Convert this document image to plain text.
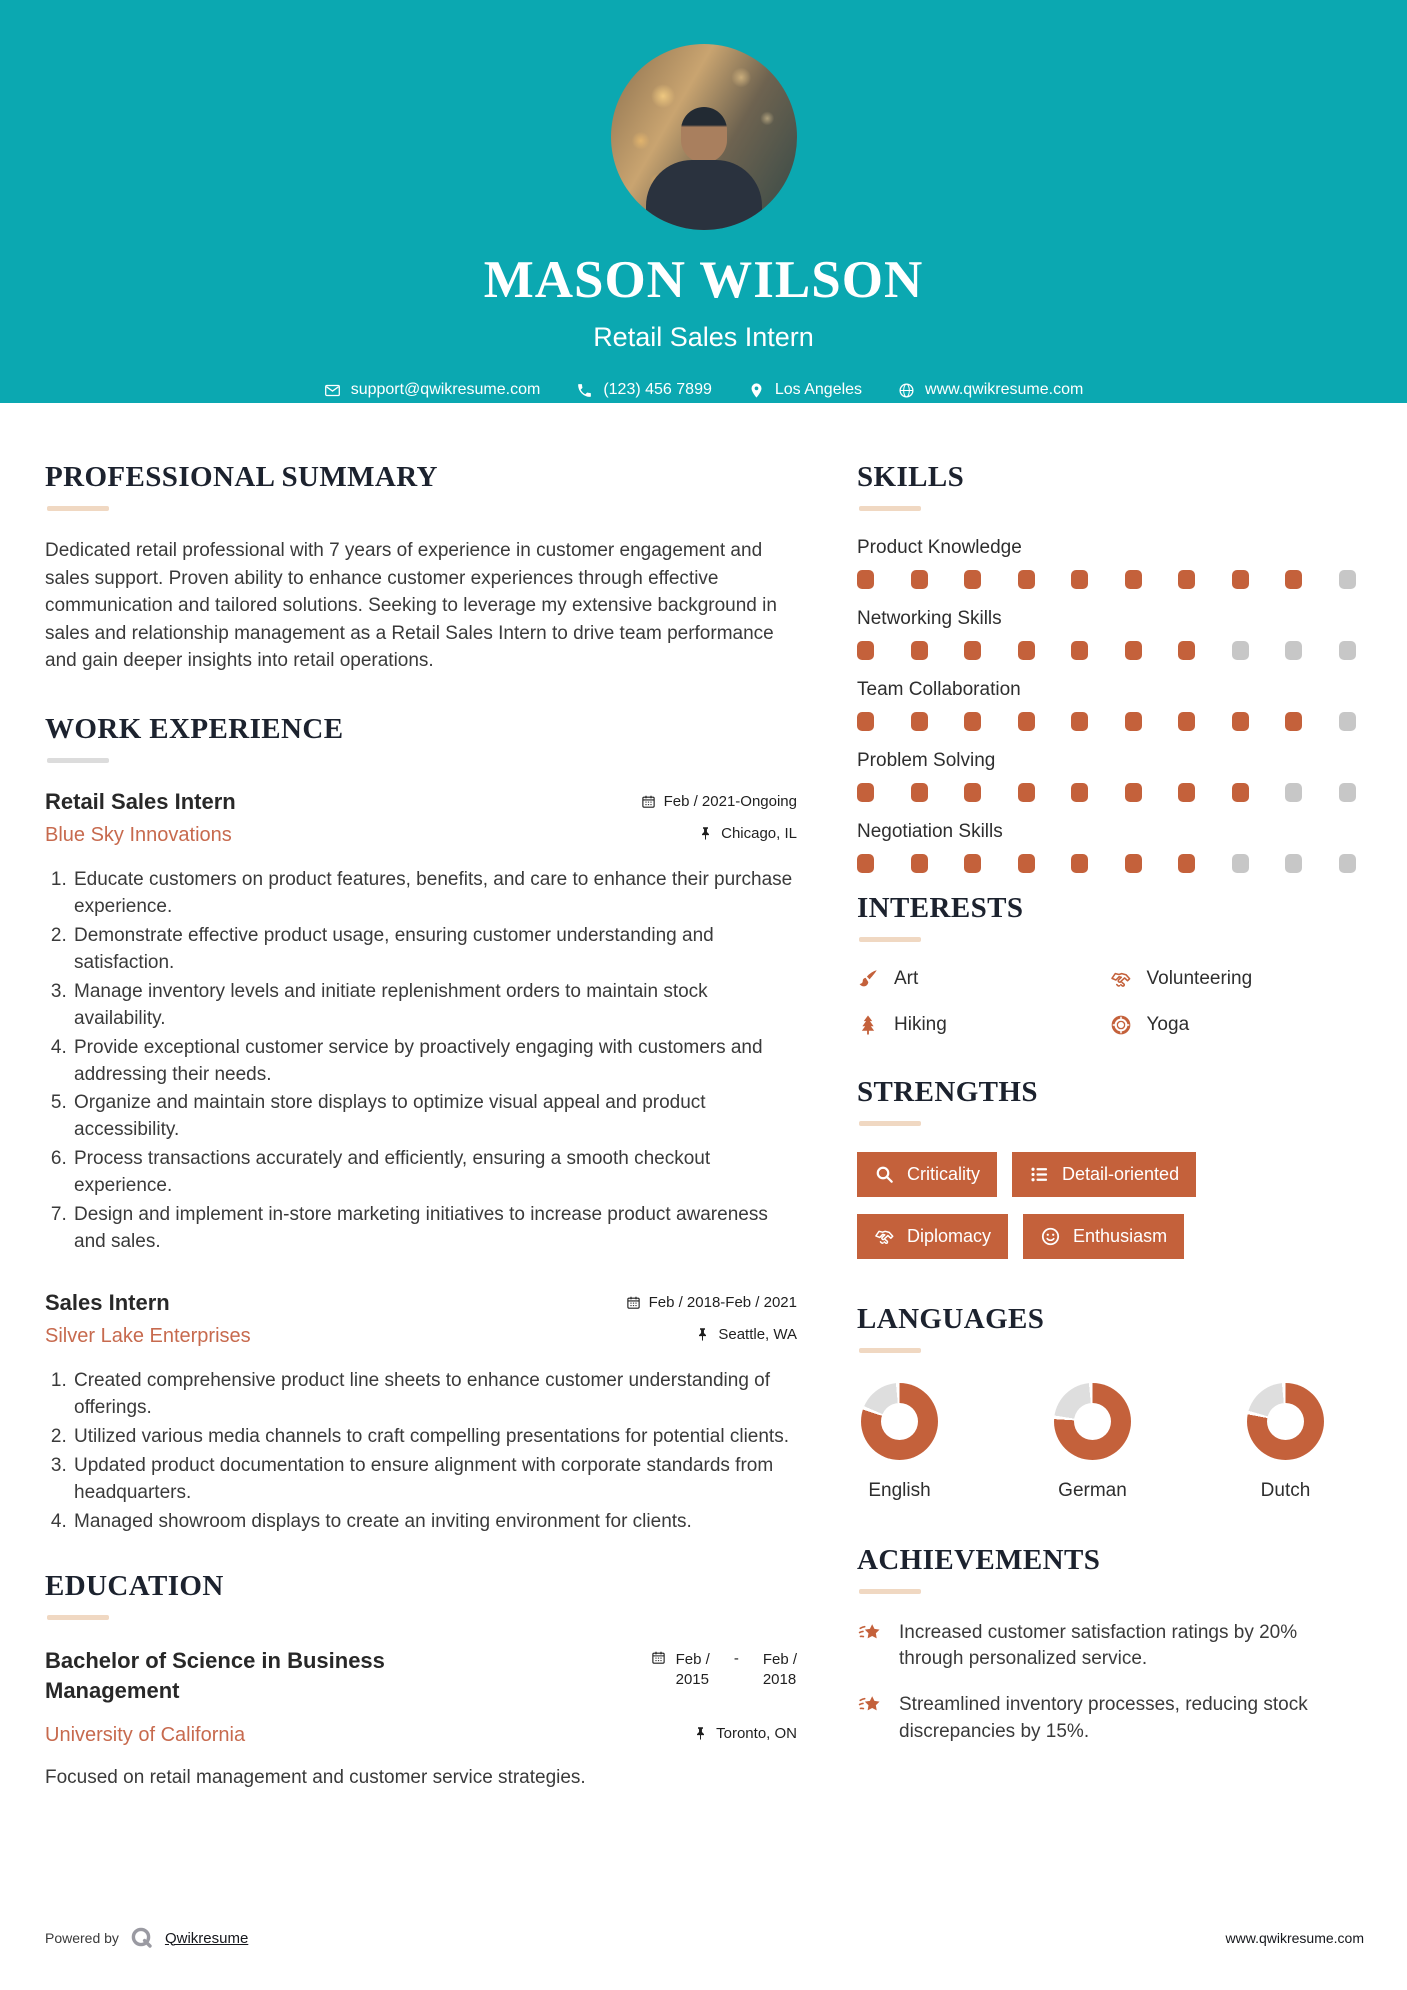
MASON WILSON
Retail Sales Intern
support@qwikresume.com	(123) 456 7899	Los Angeles	www.qwikresume.com
PROFESSIONAL SUMMARY

Dedicated retail professional with 7 years of experience in customer engagement and sales support. Proven ability to enhance customer experiences through effective communication and tailored solutions. Seeking to leverage my extensive background in sales and relationship management as a Retail Sales Intern to drive team performance and gain deeper insights into retail operations.

WORK EXPERIENCE
Retail Sales Intern	Feb / 2021-Ongoing
Blue Sky Innovations	Chicago, IL
1. Educate customers on product features, benefits, and care to enhance their purchase experience.
2. Demonstrate effective product usage, ensuring customer understanding and satisfaction.
3. Manage inventory levels and initiate replenishment orders to maintain stock availability.
4. Provide exceptional customer service by proactively engaging with customers and addressing their needs.
5. Organize and maintain store displays to optimize visual appeal and product accessibility.
6. Process transactions accurately and efficiently, ensuring a smooth checkout experience.
7. Design and implement in-store marketing initiatives to increase product awareness and sales.
Sales Intern	Feb / 2018-Feb / 2021
Silver Lake Enterprises	Seattle, WA
1. Created comprehensive product line sheets to enhance customer understanding of offerings.
2. Utilized various media channels to craft compelling presentations for potential clients.
3. Updated product documentation to ensure alignment with corporate standards from headquarters.
4. Managed showroom displays to create an inviting environment for clients.
EDUCATION
Bachelor of Science in Business Management
Feb /
2015
-	Feb /
2018
University of California	Toronto, ON

Focused on retail management and customer service strategies.

SKILLS
Product Knowledge
Networking Skills
Team Collaboration
Problem Solving
Negotiation Skills
INTERESTS
Art	Volunteering
Hiking	Yoga
STRENGTHS
Criticality	Detail-oriented
Diplomacy	Enthusiasm
LANGUAGES
English	German	Dutch
ACHIEVEMENTS
Increased customer satisfaction ratings by 20% through personalized service.
Streamlined inventory processes, reducing stock discrepancies by 15%.
Powered by	Qwikresume	www.qwikresume.com
